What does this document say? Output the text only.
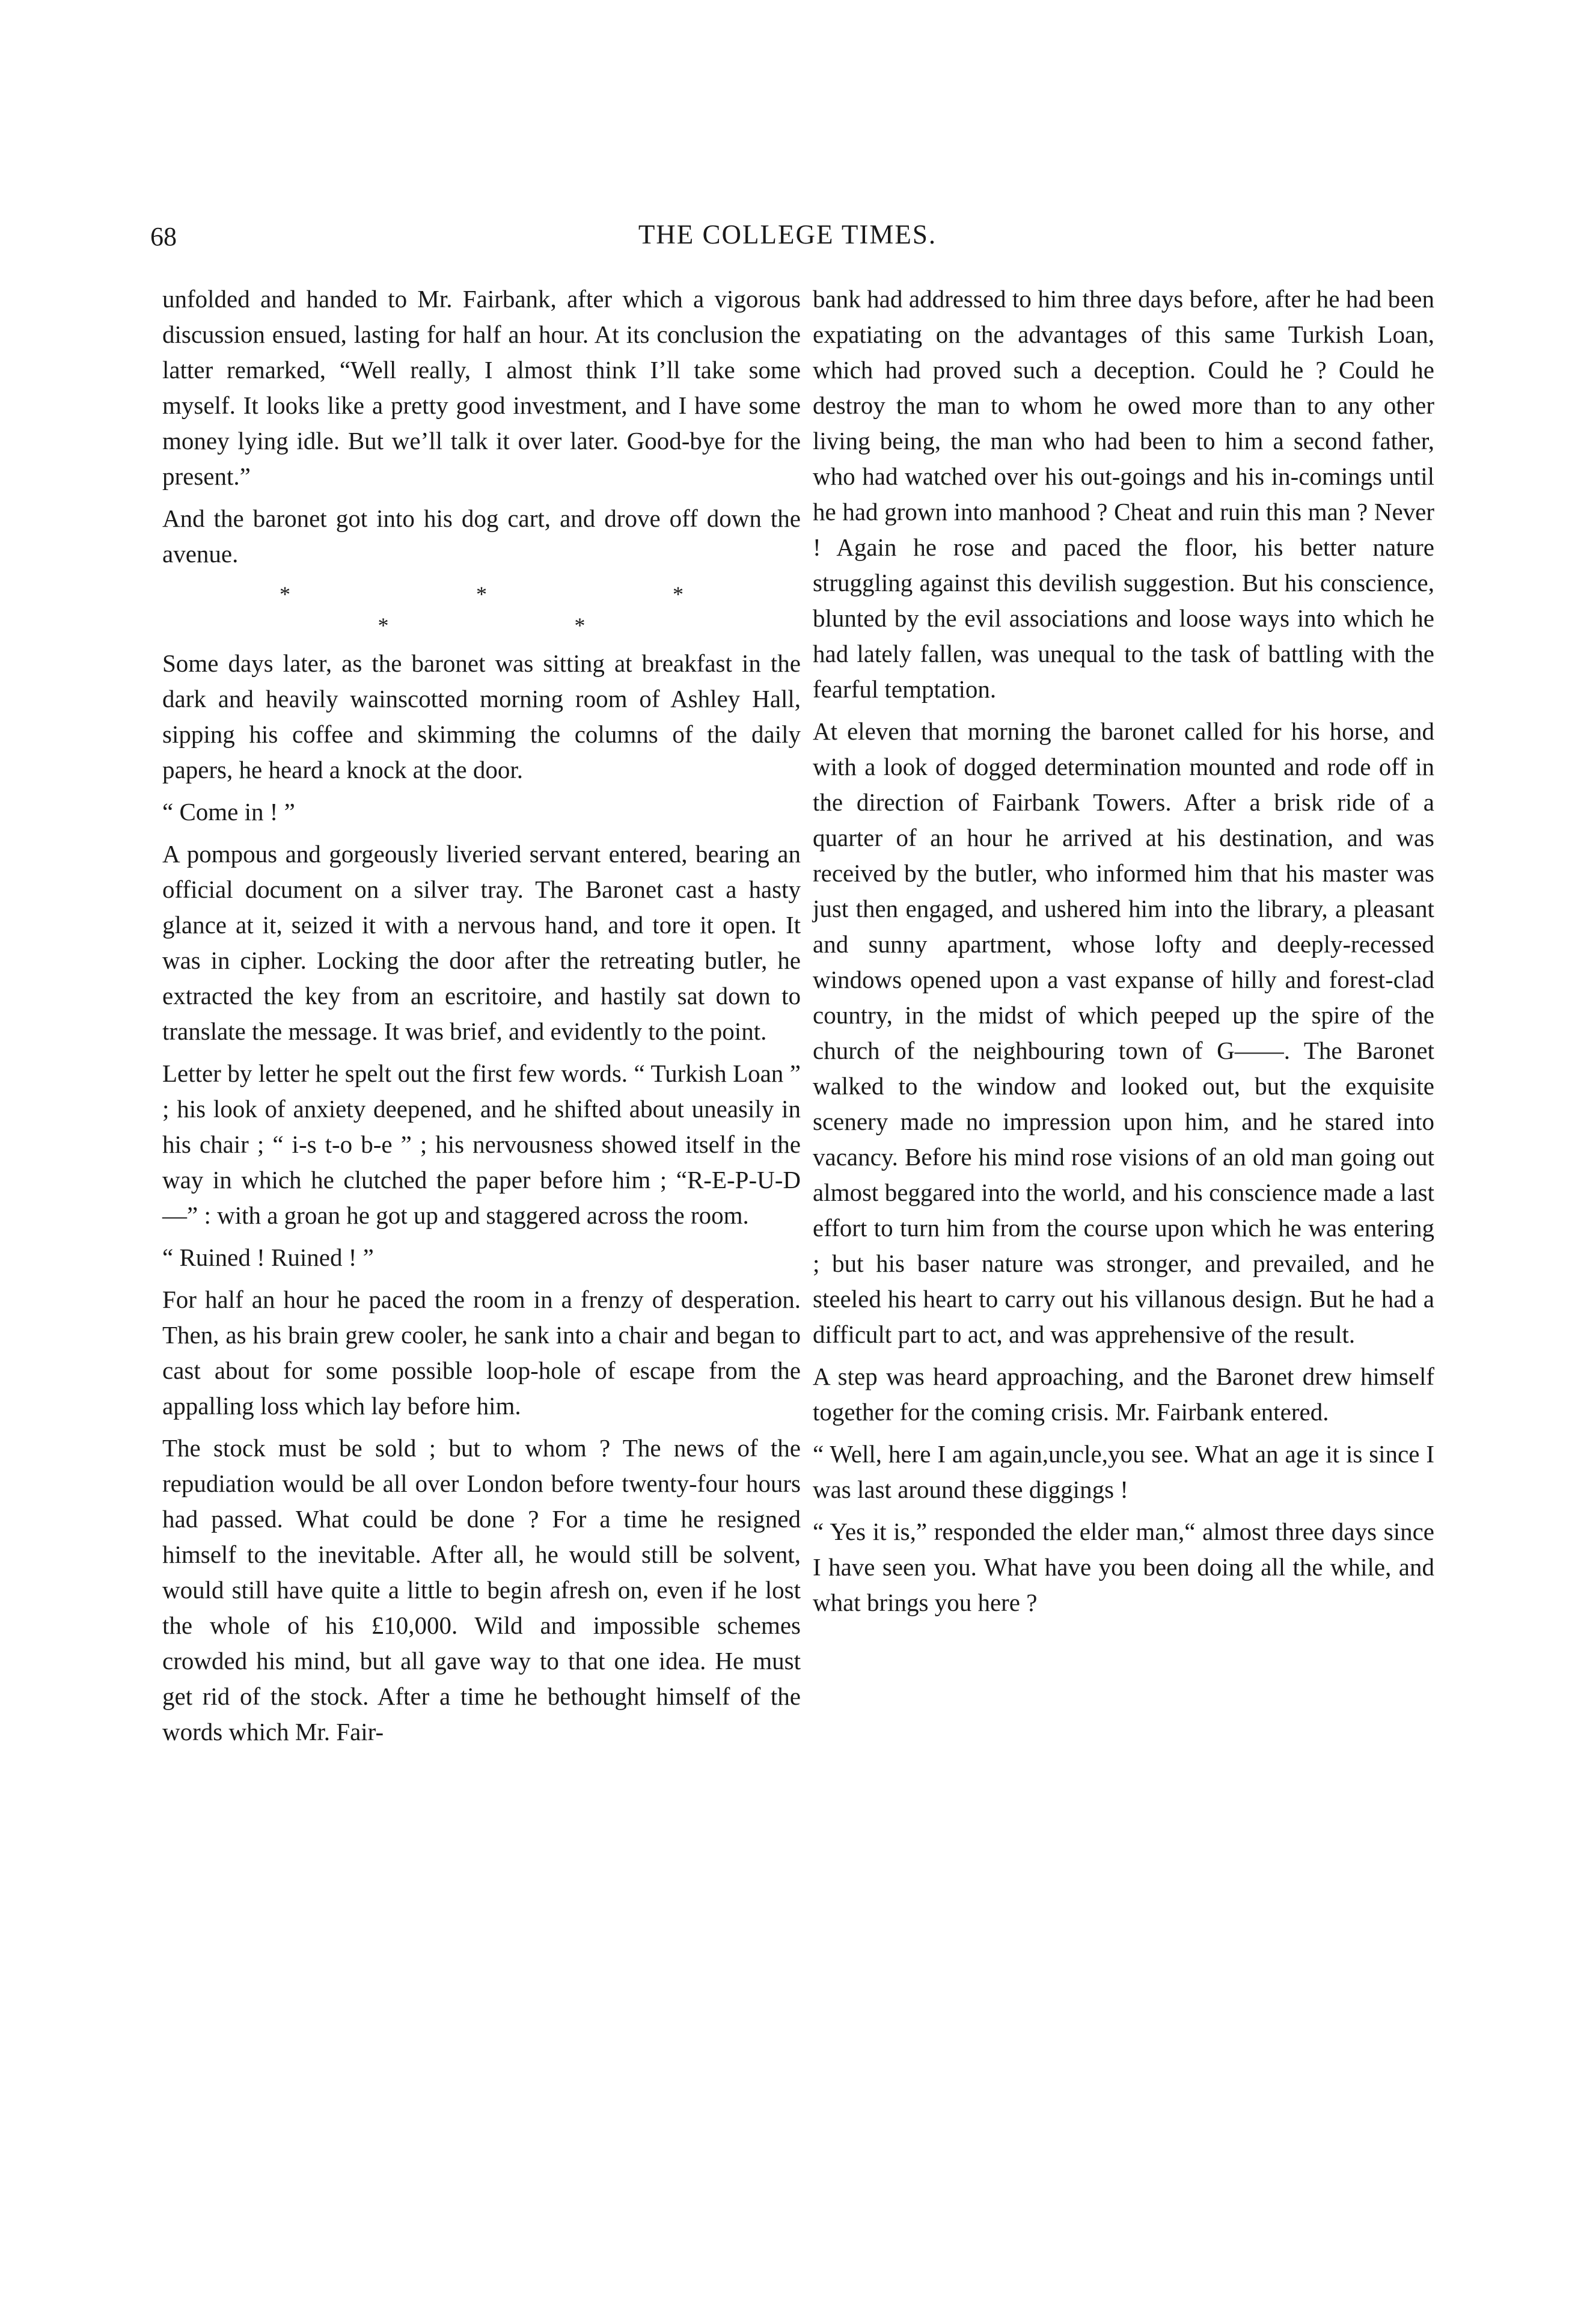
68	THE COLLEGE TIMES.

unfolded and handed to Mr. Fairbank, after which a vigorous discussion ensued, lasting for half an hour. At its conclusion the latter remarked, “Well really, I almost think I’ll take some myself. It looks like a pretty good investment, and I have some money lying idle. But we’ll talk it over later. Good-bye for the present.”

And the baronet got into his dog cart, and drove off down the avenue.

* * * * *

Some days later, as the baronet was sitting at breakfast in the dark and heavily wainscotted morning room of Ashley Hall, sipping his coffee and skimming the columns of the daily papers, he heard a knock at the door.

“ Come in ! ”

A pompous and gorgeously liveried servant entered, bearing an official document on a silver tray. The Baronet cast a hasty glance at it, seized it with a nervous hand, and tore it open. It was in cipher. Locking the door after the retreating butler, he extracted the key from an escritoire, and hastily sat down to translate the message. It was brief, and evidently to the point.

Letter by letter he spelt out the first few words. “ Turkish Loan ” ; his look of anxiety deepened, and he shifted about uneasily in his chair ; “ i-s t-o b-e ” ; his nervousness showed itself in the way in which he clutched the paper before him ; “R-E-P-U-D—” : with a groan he got up and staggered across the room.

“ Ruined ! Ruined ! ”

For half an hour he paced the room in a frenzy of desperation. Then, as his brain grew cooler, he sank into a chair and began to cast about for some possible loop-hole of escape from the appalling loss which lay before him.

The stock must be sold ; but to whom ? The news of the repudiation would be all over London before twenty-four hours had passed. What could be done ? For a time he resigned himself to the inevitable. After all, he would still be solvent, would still have quite a little to begin afresh on, even if he lost the whole of his £10,000. Wild and impossible schemes crowded his mind, but all gave way to that one idea. He must get rid of the stock. After a time he bethought himself of the words which Mr. Fair-

bank had addressed to him three days before, after he had been expatiating on the advantages of this same Turkish Loan, which had proved such a deception. Could he ? Could he destroy the man to whom he owed more than to any other living being, the man who had been to him a second father, who had watched over his out-goings and his in-comings until he had grown into manhood ? Cheat and ruin this man ? Never ! Again he rose and paced the floor, his better nature struggling against this devilish suggestion. But his conscience, blunted by the evil associations and loose ways into which he had lately fallen, was unequal to the task of battling with the fearful temptation.

At eleven that morning the baronet called for his horse, and with a look of dogged determination mounted and rode off in the direction of Fairbank Towers. After a brisk ride of a quarter of an hour he arrived at his destination, and was received by the butler, who informed him that his master was just then engaged, and ushered him into the library, a pleasant and sunny apartment, whose lofty and deeply-recessed windows opened upon a vast expanse of hilly and forest-clad country, in the midst of which peeped up the spire of the church of the neighbouring town of G——. The Baronet walked to the window and looked out, but the exquisite scenery made no impression upon him, and he stared into vacancy. Before his mind rose visions of an old man going out almost beggared into the world, and his conscience made a last effort to turn him from the course upon which he was entering ; but his baser nature was stronger, and prevailed, and he steeled his heart to carry out his villanous design. But he had a difficult part to act, and was apprehensive of the result.

A step was heard approaching, and the Baronet drew himself together for the coming crisis. Mr. Fairbank entered.

“ Well, here I am again,uncle,you see. What an age it is since I was last around these diggings !

“ Yes it is,” responded the elder man,“ almost three days since I have seen you. What have you been doing all the while, and what brings you here ?
